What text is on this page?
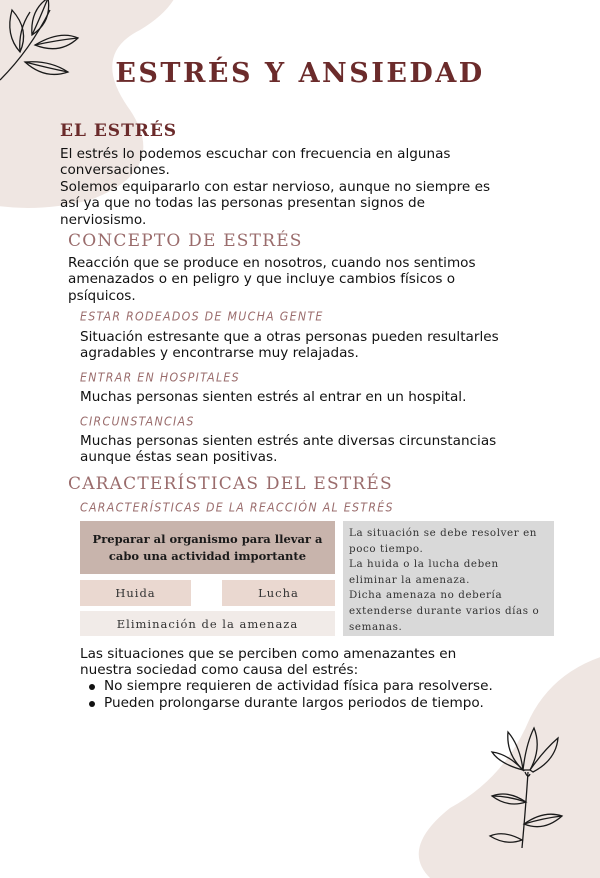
ESTRÉS Y ANSIEDAD
EL ESTRÉS
El estrés lo podemos escuchar con frecuencia en algunas
conversaciones.
Solemos equipararlo con estar nervioso, aunque no siempre es
así ya que no todas las personas presentan signos de
nerviosismo.
CONCEPTO DE ESTRÉS
Reacción que se produce en nosotros, cuando nos sentimos
amenazados o en peligro y que incluye cambios físicos o
psíquicos.
ESTAR RODEADOS DE MUCHA GENTE
Situación estresante que a otras personas pueden resultarles
agradables y encontrarse muy relajadas.
ENTRAR EN HOSPITALES
Muchas personas sienten estrés al entrar en un hospital.
CIRCUNSTANCIAS
Muchas personas sienten estrés ante diversas circunstancias
aunque éstas sean positivas.
CARACTERÍSTICAS DEL ESTRÉS
CARACTERÍSTICAS DE LA REACCIÓN AL ESTRÉS
Preparar al organismo para llevar a
cabo una actividad importante
Huida	Lucha
Eliminación de la amenaza
La situación se debe resolver en
poco tiempo.
La huida o la lucha deben
eliminar la amenaza.
Dicha amenaza no debería
extenderse durante varios días o
semanas.
Las situaciones que se perciben como amenazantes en
nuestra sociedad como causa del estrés:
No siempre requieren de actividad física para resolverse.
Pueden prolongarse durante largos periodos de tiempo.
